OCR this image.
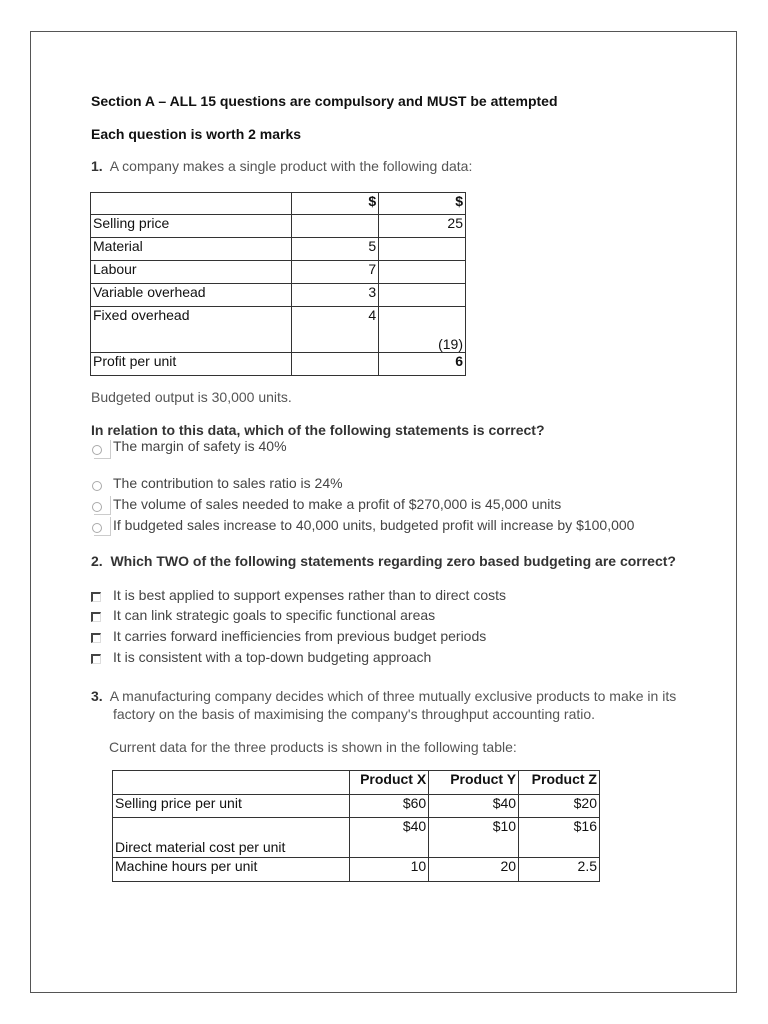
Section A – ALL 15 questions are compulsory and MUST be attempted
Each question is worth 2 marks
1. A company makes a single product with the following data:
	$	$
Selling price		25
Material	5	
Labour	7	
Variable overhead	3	
Fixed overhead	4	
		(19)
Profit per unit		6
Budgeted output is 30,000 units.
In relation to this data, which of the following statements is correct?
The margin of safety is 40%
The contribution to sales ratio is 24%
The volume of sales needed to make a profit of $270,000 is 45,000 units
If budgeted sales increase to 40,000 units, budgeted profit will increase by $100,000
2. Which TWO of the following statements regarding zero based budgeting are correct?
It is best applied to support expenses rather than to direct costs
It can link strategic goals to specific functional areas
It carries forward inefficiencies from previous budget periods
It is consistent with a top-down budgeting approach
3. A manufacturing company decides which of three mutually exclusive products to make in its
factory on the basis of maximising the company's throughput accounting ratio.
Current data for the three products is shown in the following table:
	Product X	Product Y	Product Z
Selling price per unit	$60	$40	$20
Direct material cost per unit	$40	$10	$16
Machine hours per unit	10	20	2.5
